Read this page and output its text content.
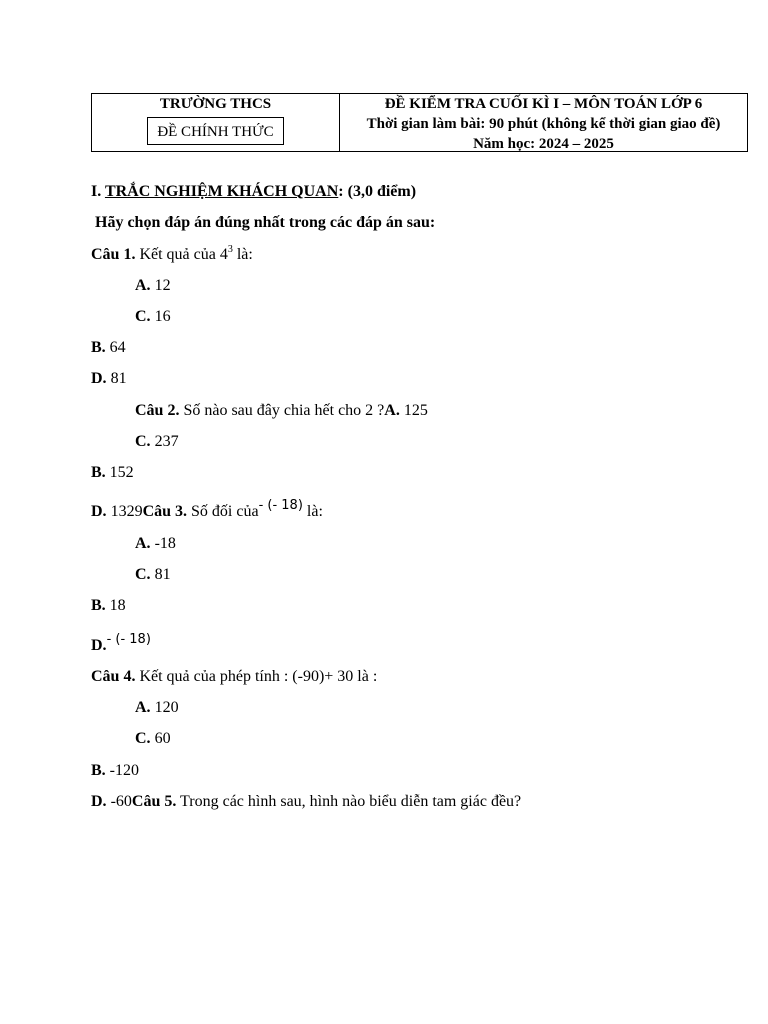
TRƯỜNG THCS
ĐỀ CHÍNH THỨC
ĐỀ KIỂM TRA CUỐI KÌ I – MÔN TOÁN LỚP 6
Thời gian làm bài: 90 phút (không kể thời gian giao đề)
Năm học: 2024 – 2025
I. TRẮC NGHIỆM KHÁCH QUAN: (3,0 điểm)
Hãy chọn đáp án đúng nhất trong các đáp án sau:
Câu 1. Kết quả của $4^3$ là:
A. 12
C. 16
B. 64
D. 81
Câu 2. Số nào sau đây chia hết cho 2 ?A. 125
C. 237
B. 152
D. 1329Câu 3. Số đối của$^{- (- 18)}$ là:
A. -18
C. 81
B. 18
D.$^{- (- 18)}$
Câu 4. Kết quả của phép tính : (-90)+ 30 là :
A. 120
C. 60
B. -120
D. -60Câu 5. Trong các hình sau, hình nào biểu diễn tam giác đều?
